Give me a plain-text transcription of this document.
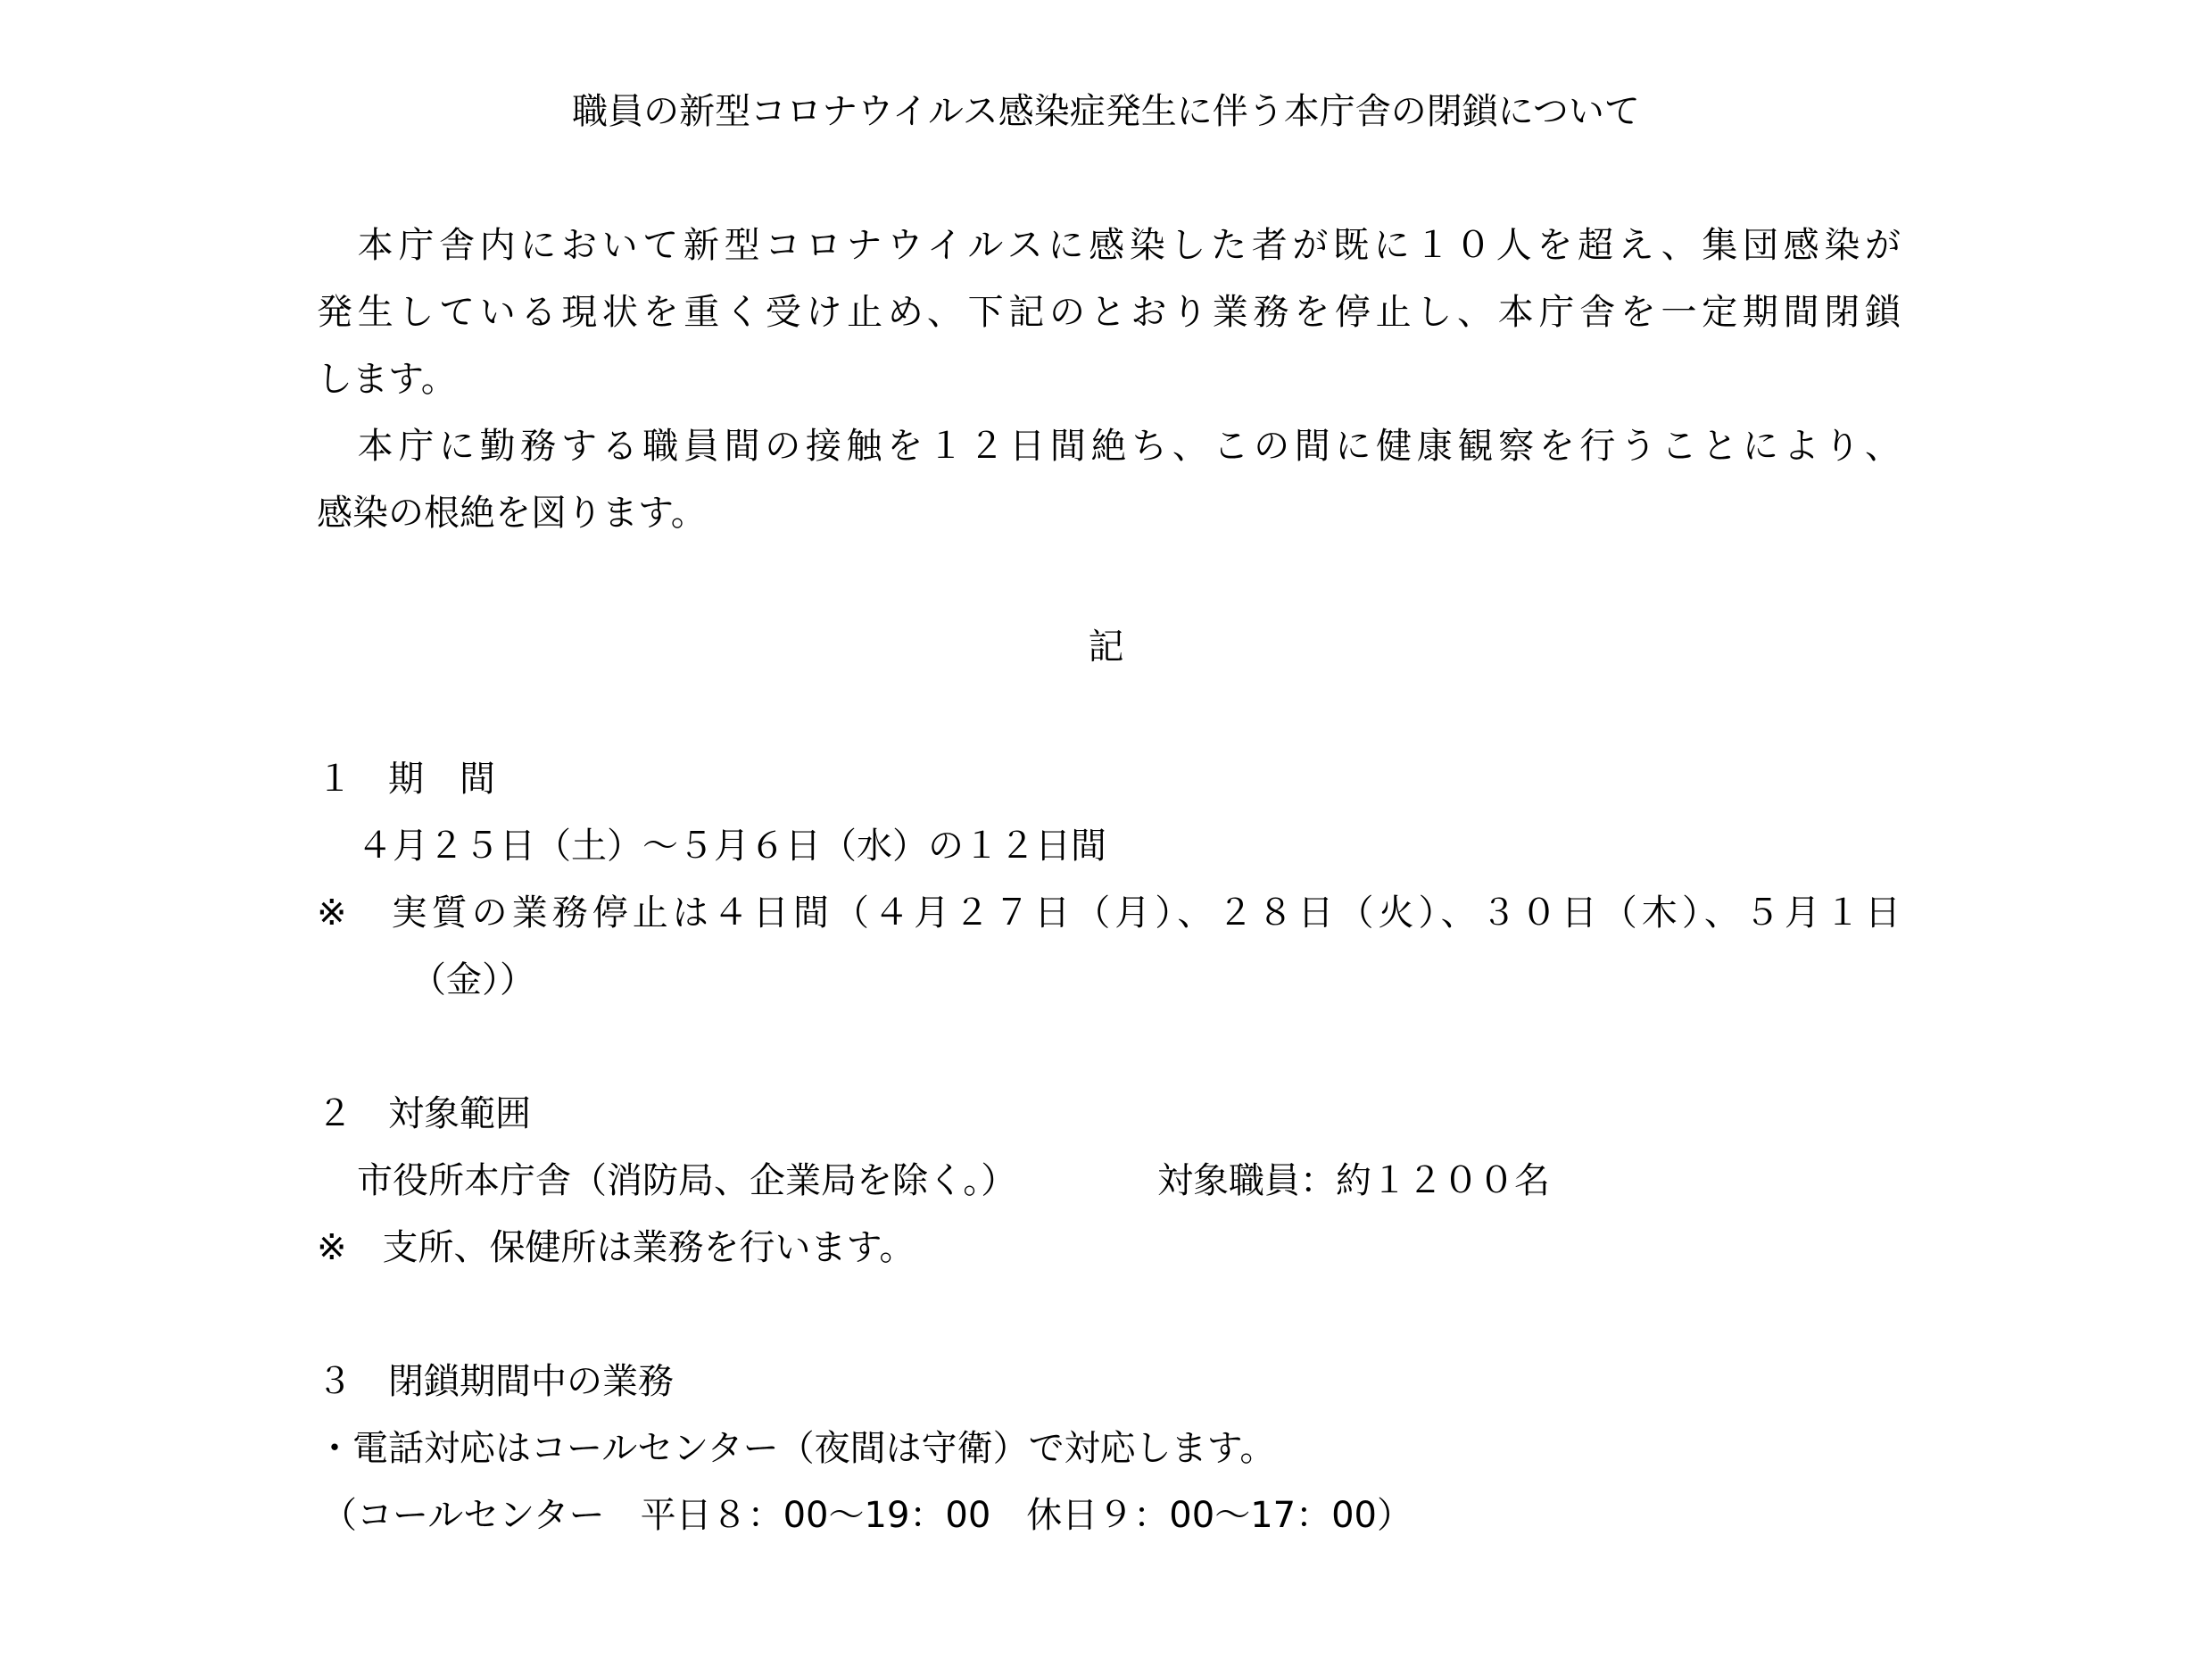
職員の新型コロナウイルス感染症発生に伴う本庁舎の閉鎖について
　本庁舎内において新型コロナウイルスに感染した者が既に１０人を超え、集団感染が
発生している現状を重く受け止め、下記のとおり業務を停止し、本庁舎を一定期間閉鎖
します。
　本庁に勤務する職員間の接触を１２日間絶ち、この間に健康観察を行うことにより、
感染の根絶を図ります。
記
１　期　間
４月２５日（土）～５月６日（水）の１２日間
※　実質の業務停止は４日間（４月２７日（月）、２８日（火）、３０日（木）、５月１日
（金））
２　対象範囲
市役所本庁舎（消防局、企業局を除く。）	対象職員：約１２００名
※　支所、保健所は業務を行います。
３　閉鎖期間中の業務
・電話対応はコールセンター（夜間は守衛）で対応します。
（コールセンター　平日８：00～19：00　休日９：00～17：00）
